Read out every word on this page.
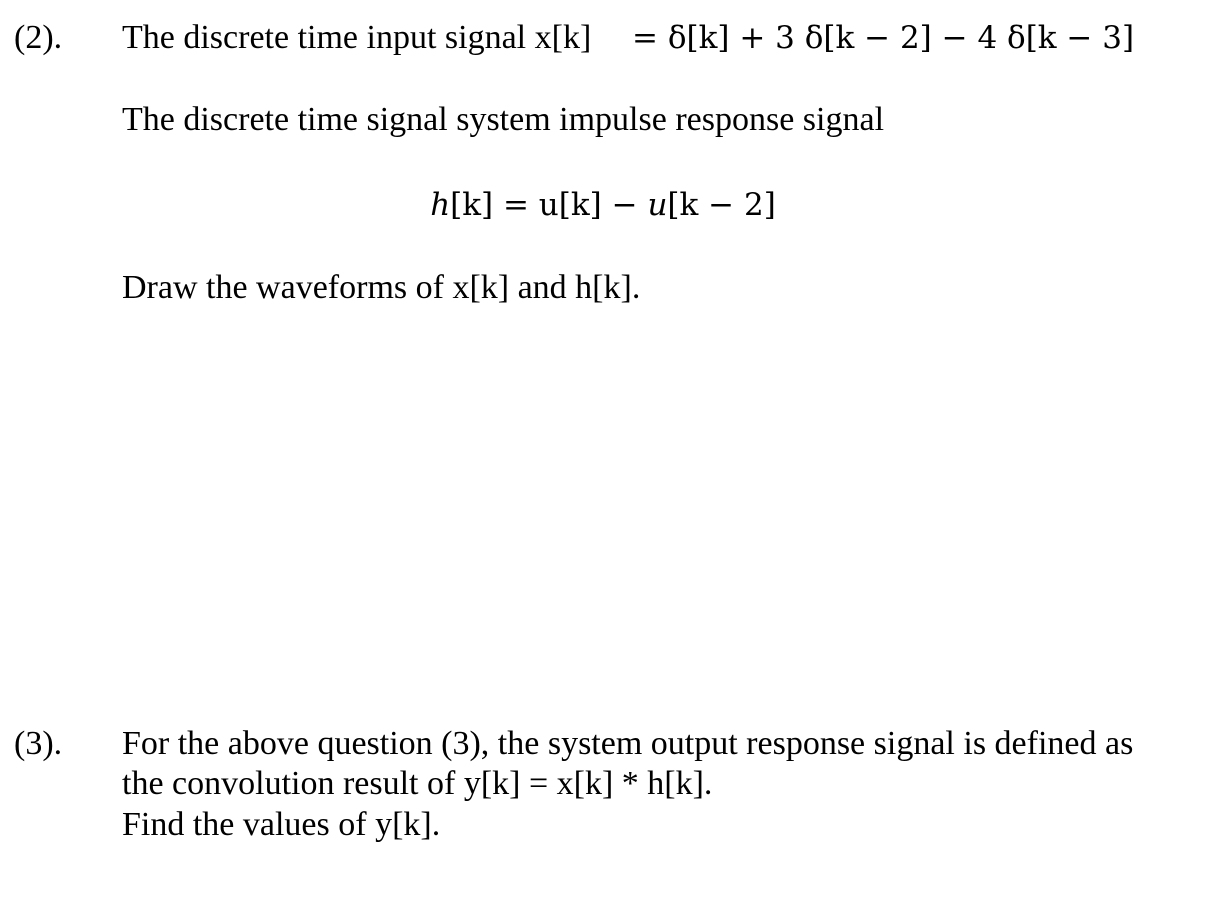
(2). The discrete time input signal x[k] = δ[k] + 3 δ[k − 2] − 4 δ[k − 3]
The discrete time signal system impulse response signal
h[k] = u[k] − u[k − 2]
Draw the waveforms of x[k] and h[k].
(3). For the above question (3), the system output response signal is defined as
the convolution result of y[k] = x[k] * h[k].
Find the values of y[k].
